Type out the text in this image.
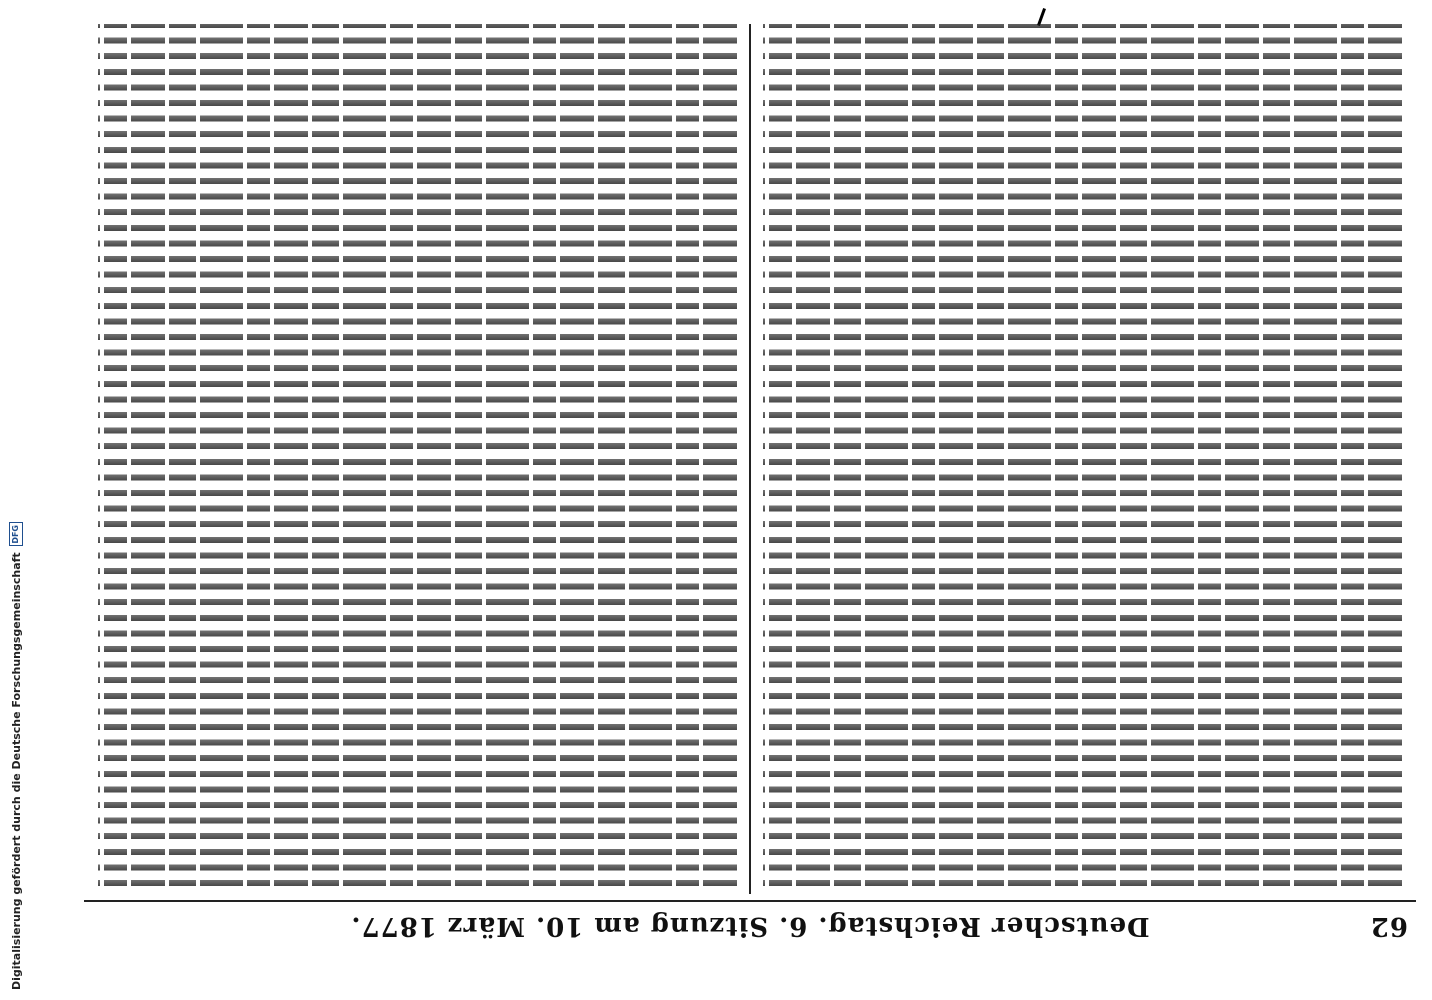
Digitalisierung gefördert durch die Deutsche Forschungsgemeinschaft
DFG
62
Deutscher Reichstag. 6. Sitzung am 10. März 1877.
